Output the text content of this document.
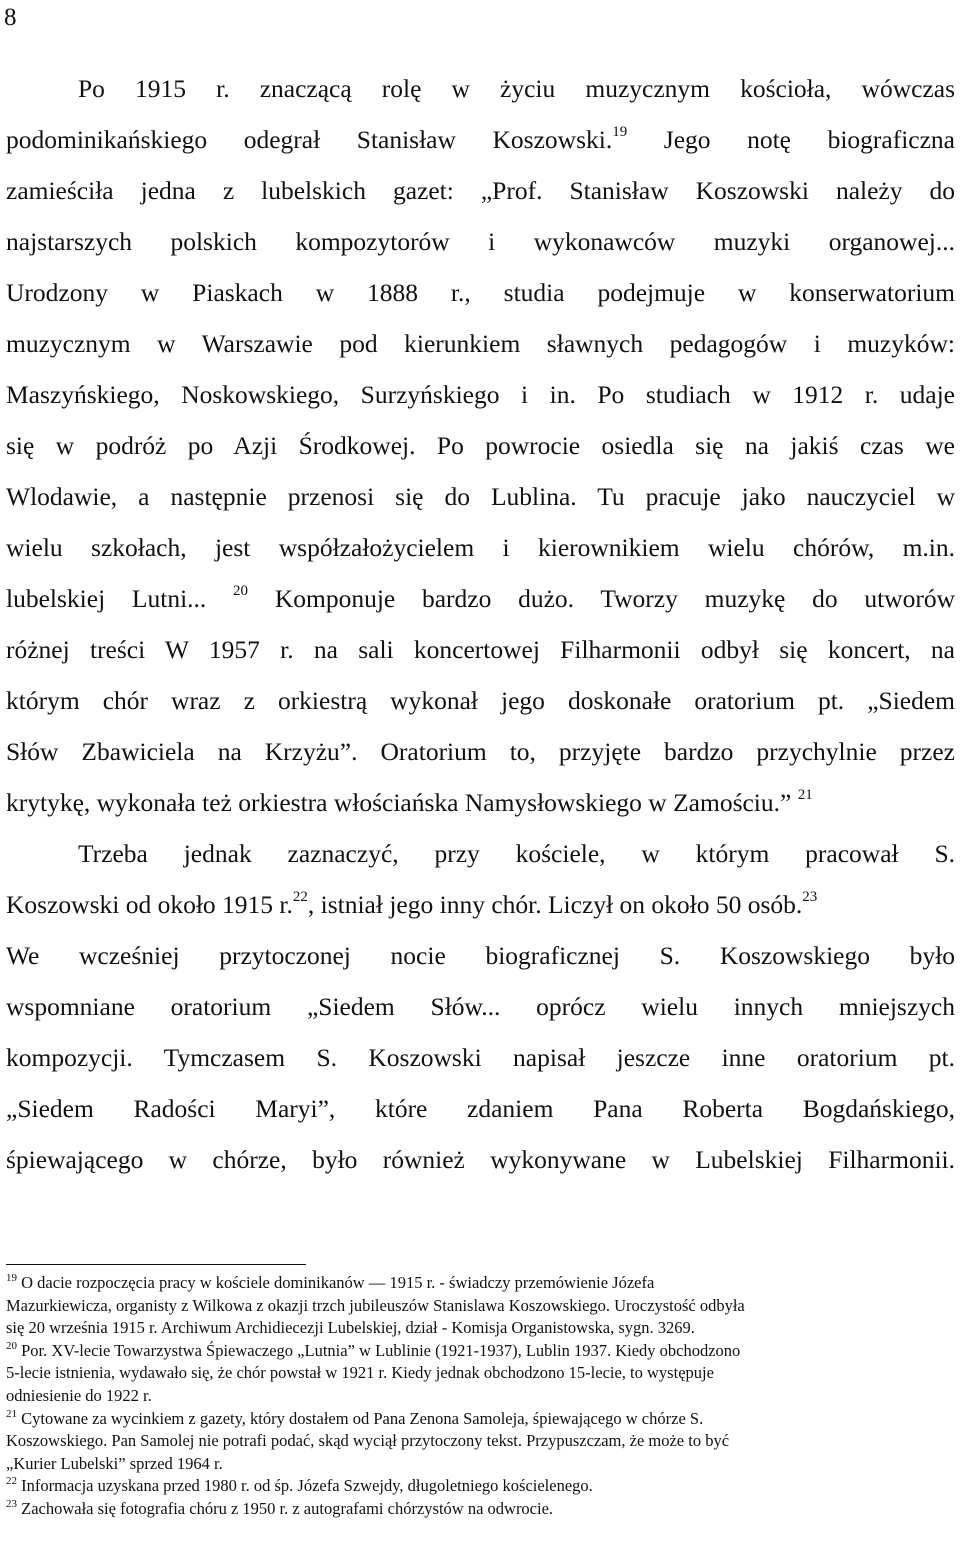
8
Po 1915 r. znaczącą rolę w życiu muzycznym kościoła, wówczas
podominikańskiego odegrał Stanisław Koszowski.$^{19}$ Jego notę biograficzna
zamieściła jedna z lubelskich gazet: „Prof. Stanisław Koszowski należy do
najstarszych polskich kompozytorów i wykonawców muzyki organowej...
Urodzony w Piaskach w 1888 r., studia podejmuje w konserwatorium
muzycznym w Warszawie pod kierunkiem sławnych pedagogów i muzyków:
Maszyńskiego, Noskowskiego, Surzyńskiego i in. Po studiach w 1912 r. udaje
się w podróż po Azji Środkowej. Po powrocie osiedla się na jakiś czas we
Wlodawie, a następnie przenosi się do Lublina. Tu pracuje jako nauczyciel w
wielu szkołach, jest współzałożycielem i kierownikiem wielu chórów, m.in.
lubelskiej Lutni... $^{20}$ Komponuje bardzo dużo. Tworzy muzykę do utworów
różnej treści W 1957 r. na sali koncertowej Filharmonii odbył się koncert, na
którym chór wraz z orkiestrą wykonał jego doskonałe oratorium pt. „Siedem
Słów Zbawiciela na Krzyżu”. Oratorium to, przyjęte bardzo przychylnie przez
krytykę, wykonała też orkiestra włościańska Namysłowskiego w Zamościu.” $^{21}$
Trzeba jednak zaznaczyć, przy kościele, w którym pracował S.
Koszowski od około 1915 r.$^{22}$, istniał jego inny chór. Liczył on około 50 osób.$^{23}$
We wcześniej przytoczonej nocie biograficznej S. Koszowskiego było
wspomniane oratorium „Siedem Słów... oprócz wielu innych mniejszych
kompozycji. Tymczasem S. Koszowski napisał jeszcze inne oratorium pt.
„Siedem Radości Maryi”, które zdaniem Pana Roberta Bogdańskiego,
śpiewającego w chórze, było również wykonywane w Lubelskiej Filharmonii.
$^{19}$ O dacie rozpoczęcia pracy w kościele dominikanów — 1915 r. - świadczy przemówienie Józefa
Mazurkiewicza, organisty z Wilkowa z okazji trzch jubileuszów Stanislawa Koszowskiego. Uroczystość odbyła
się 20 września 1915 r. Archiwum Archidiecezji Lubelskiej, dział - Komisja Organistowska, sygn. 3269.
$^{20}$ Por. XV-lecie Towarzystwa Śpiewaczego „Lutnia” w Lublinie (1921-1937), Lublin 1937. Kiedy obchodzono
5-lecie istnienia, wydawało się, że chór powstał w 1921 r. Kiedy jednak obchodzono 15-lecie, to występuje
odniesienie do 1922 r.
$^{21}$ Cytowane za wycinkiem z gazety, który dostałem od Pana Zenona Samoleja, śpiewającego w chórze S.
Koszowskiego. Pan Samolej nie potrafi podać, skąd wyciął przytoczony tekst. Przypuszczam, że może to być
„Kurier Lubelski” sprzed 1964 r.
$^{22}$ Informacja uzyskana przed 1980 r. od śp. Józefa Szwejdy, długoletniego kościelenego.
$^{23}$ Zachowała się fotografia chóru z 1950 r. z autografami chórzystów na odwrocie.
